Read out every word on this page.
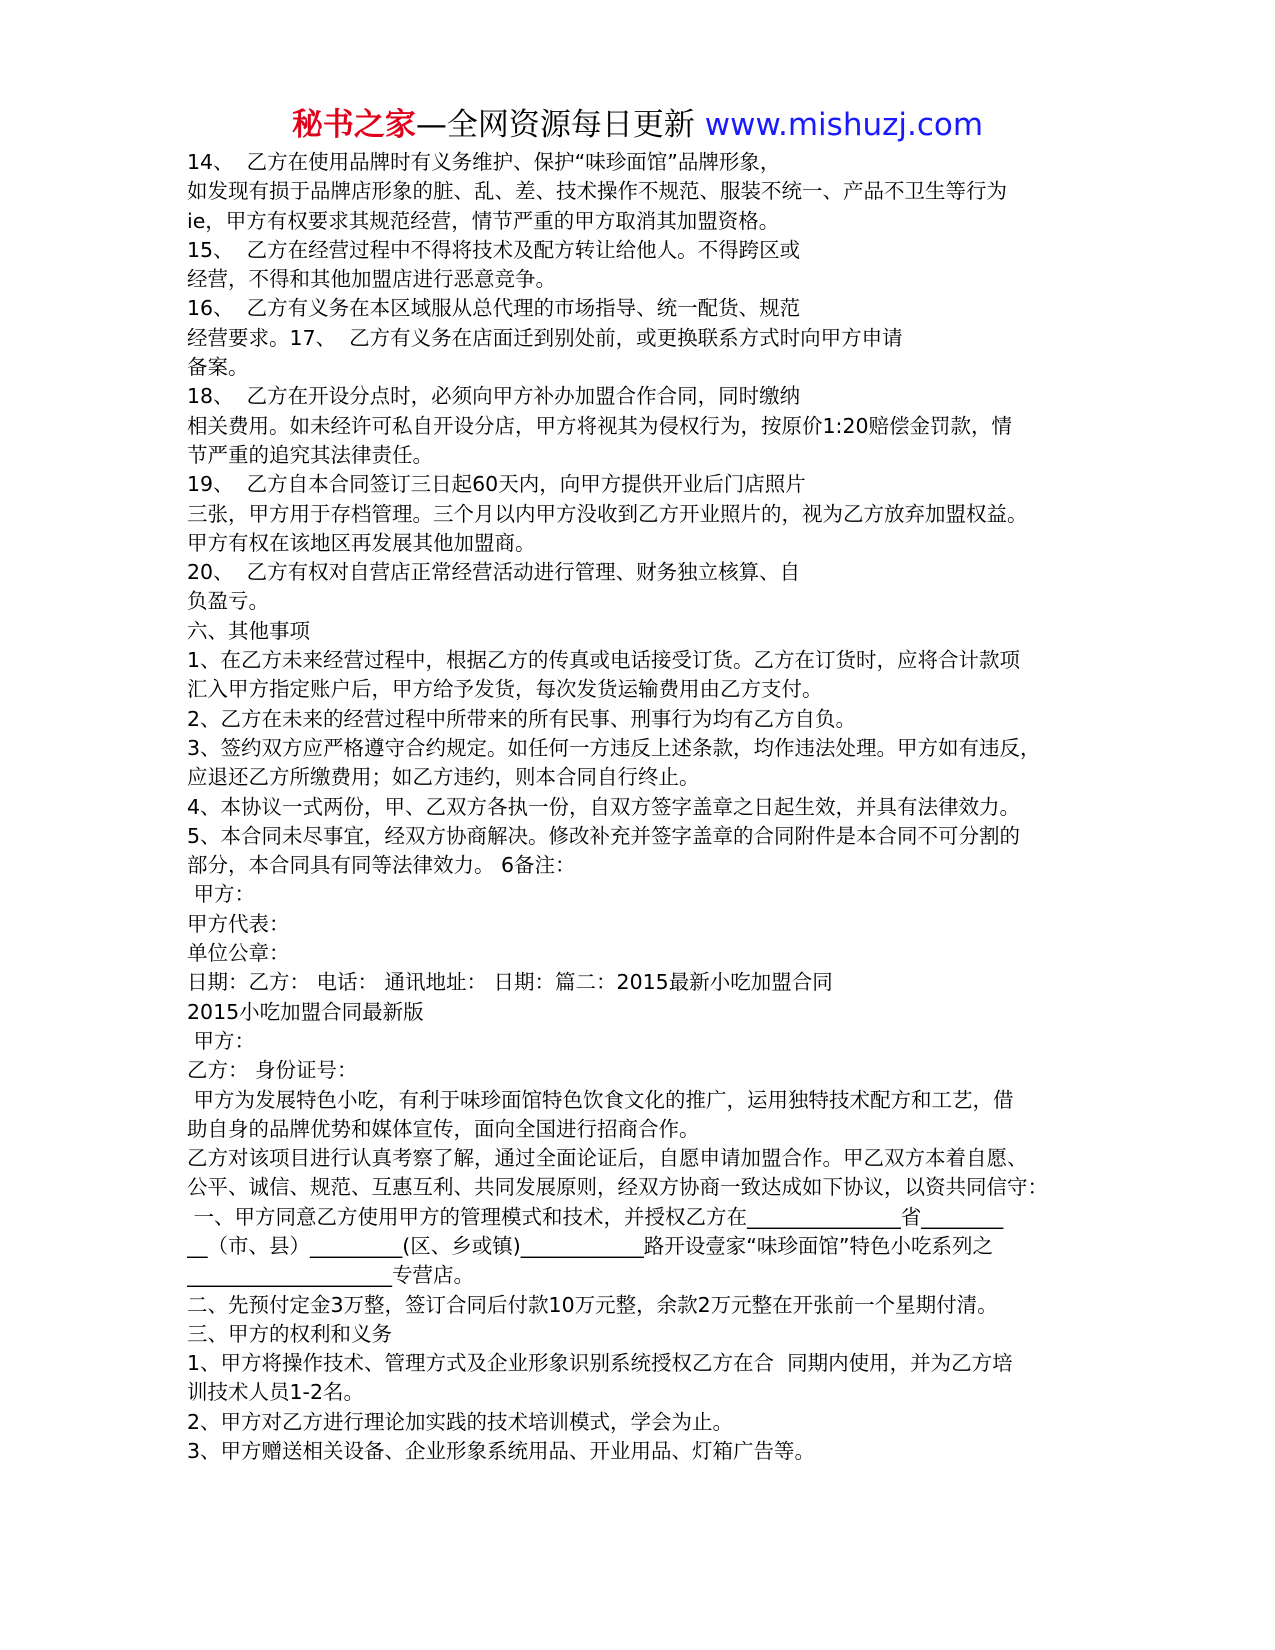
秘书之家—全网资源每日更新 www.mishuzj.com
14、  乙方在使用品牌时有义务维护、保护“味珍面馆”品牌形象，
如发现有损于品牌店形象的脏、乱、差、技术操作不规范、服装不统一、产品不卫生等行为
ie，甲方有权要求其规范经营，情节严重的甲方取消其加盟资格。
15、  乙方在经营过程中不得将技术及配方转让给他人。不得跨区或
经营，不得和其他加盟店进行恶意竞争。
16、  乙方有义务在本区域服从总代理的市场指导、统一配货、规范
经营要求。17、  乙方有义务在店面迁到别处前，或更换联系方式时向甲方申请
备案。
18、  乙方在开设分点时，必须向甲方补办加盟合作合同，同时缴纳
相关费用。如未经许可私自开设分店，甲方将视其为侵权行为，按原价1:20赔偿金罚款，情
节严重的追究其法律责任。
19、  乙方自本合同签订三日起60天内，向甲方提供开业后门店照片
三张，甲方用于存档管理。三个月以内甲方没收到乙方开业照片的，视为乙方放弃加盟权益。
甲方有权在该地区再发展其他加盟商。
20、  乙方有权对自营店正常经营活动进行管理、财务独立核算、自
负盈亏。
六、其他事项
1、在乙方未来经营过程中，根据乙方的传真或电话接受订货。乙方在订货时，应将合计款项
汇入甲方指定账户后，甲方给予发货，每次发货运输费用由乙方支付。
2、乙方在未来的经营过程中所带来的所有民事、刑事行为均有乙方自负。
3、签约双方应严格遵守合约规定。如任何一方违反上述条款，均作违法处理。甲方如有违反，
应退还乙方所缴费用；如乙方违约，则本合同自行终止。
4、本协议一式两份，甲、乙双方各执一份，自双方签字盖章之日起生效，并具有法律效力。
5、本合同未尽事宜，经双方协商解决。修改补充并签字盖章的合同附件是本合同不可分割的
部分，本合同具有同等法律效力。 6备注：
甲方：
甲方代表：
单位公章：
日期：乙方： 电话： 通讯地址： 日期：篇二：2015最新小吃加盟合同
2015小吃加盟合同最新版
甲方：
乙方： 身份证号：
甲方为发展特色小吃，有利于味珍面馆特色饮食文化的推广，运用独特技术配方和工艺，借
助自身的品牌优势和媒体宣传，面向全国进行招商合作。
乙方对该项目进行认真考察了解，通过全面论证后，自愿申请加盟合作。甲乙双方本着自愿、
公平、诚信、规范、互惠互利、共同发展原则，经双方协商一致达成如下协议，以资共同信守：
一、甲方同意乙方使用甲方的管理模式和技术，并授权乙方在_______________省________
__（市、县）_________(区、乡或镇)____________路开设壹家“味珍面馆”特色小吃系列之
____________________专营店。
二、先预付定金3万整，签订合同后付款10万元整，余款2万元整在开张前一个星期付清。
三、甲方的权利和义务
1、甲方将操作技术、管理方式及企业形象识别系统授权乙方在合  同期内使用，并为乙方培
训技术人员1-2名。
2、甲方对乙方进行理论加实践的技术培训模式，学会为止。
3、甲方赠送相关设备、企业形象系统用品、开业用品、灯箱广告等。
